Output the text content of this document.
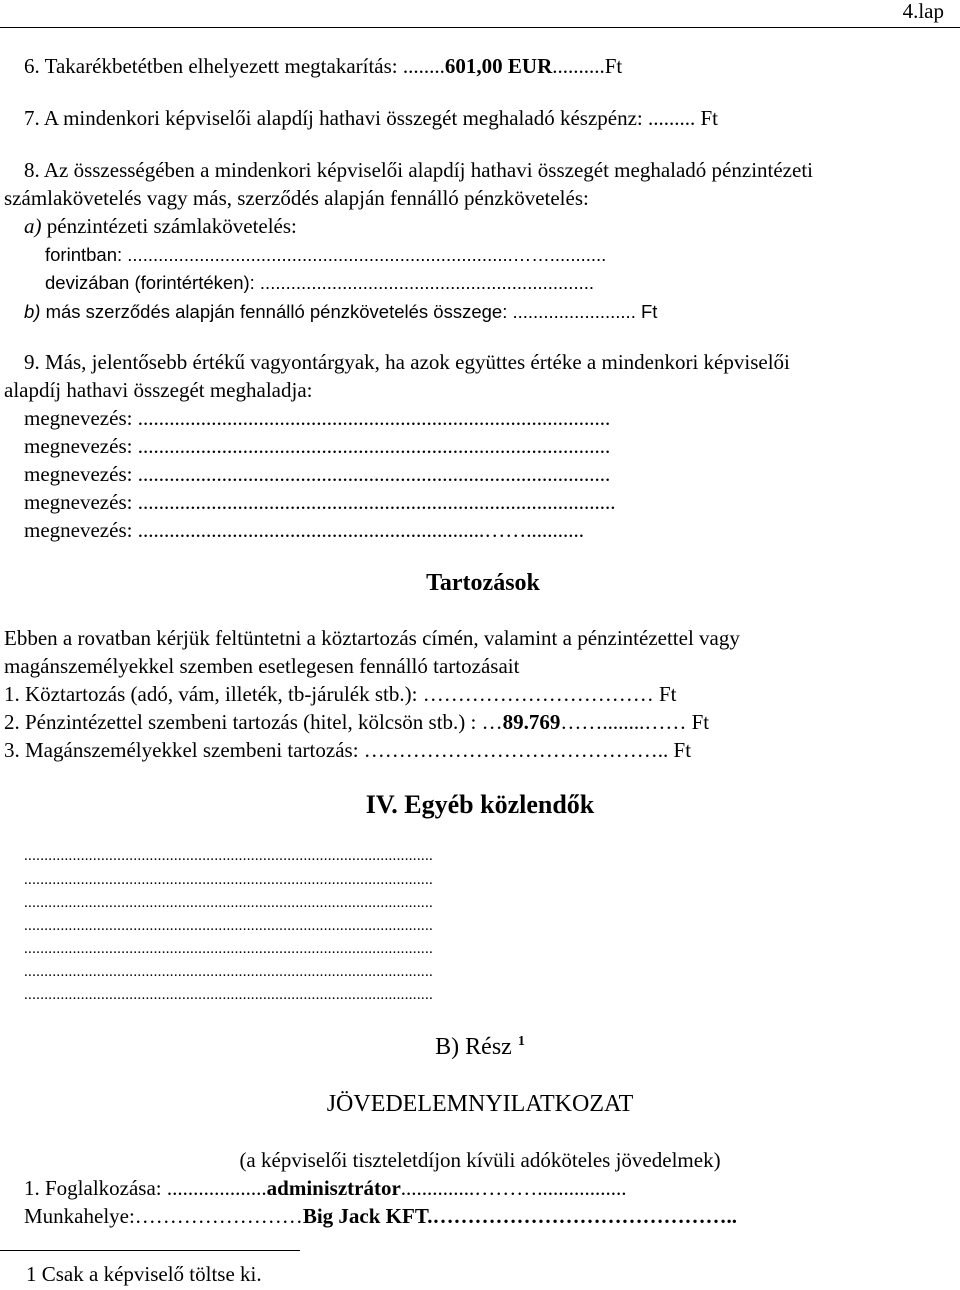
4.lap
6. Takarékbetétben elhelyezett megtakarítás: ........601,00 EUR..........Ft
7. A mindenkori képviselői alapdíj hathavi összegét meghaladó készpénz: ......... Ft
8. Az összességében a mindenkori képviselői alapdíj hathavi összegét meghaladó pénzintézeti
számlakövetelés vagy más, szerződés alapján fennálló pénzkövetelés:
a) pénzintézeti számlakövetelés:
forintban: ...........................................................................……...........
devizában (forintértéken): .................................................................
b) más szerződés alapján fennálló pénzkövetelés összege: ........................ Ft
9. Más, jelentősebb értékű vagyontárgyak, ha azok együttes értéke a mindenkori képviselői
alapdíj hathavi összegét meghaladja:
megnevezés: ..........................................................................................
megnevezés: ..........................................................................................
megnevezés: ..........................................................................................
megnevezés: ...........................................................................................
megnevezés: ..................................................................……...........
Tartozások
Ebben a rovatban kérjük feltüntetni a köztartozás címén, valamint a pénzintézettel vagy
magánszemélyekkel szemben esetlegesen fennálló tartozásait
1. Köztartozás (adó, vám, illeték, tb-járulék stb.): …………………………… Ft
2. Pénzintézettel szembeni tartozás (hitel, kölcsön stb.) : …89.769……........…… Ft
3. Magánszemélyekkel szembeni tartozás: …………………………………….. Ft
IV. Egyéb közlendők
.....................................................................................................
.....................................................................................................
.....................................................................................................
.....................................................................................................
.....................................................................................................
.....................................................................................................
.....................................................................................................
B) Rész $^1$
JÖVEDELEMNYILATKOZAT
(a képviselői tiszteletdíjon kívüli adóköteles jövedelmek)
1. Foglalkozása: ...................adminisztrátor..............……….................
Munkahelye:……………………Big Jack KFT.……………………………………..
1 Csak a képviselő töltse ki.
